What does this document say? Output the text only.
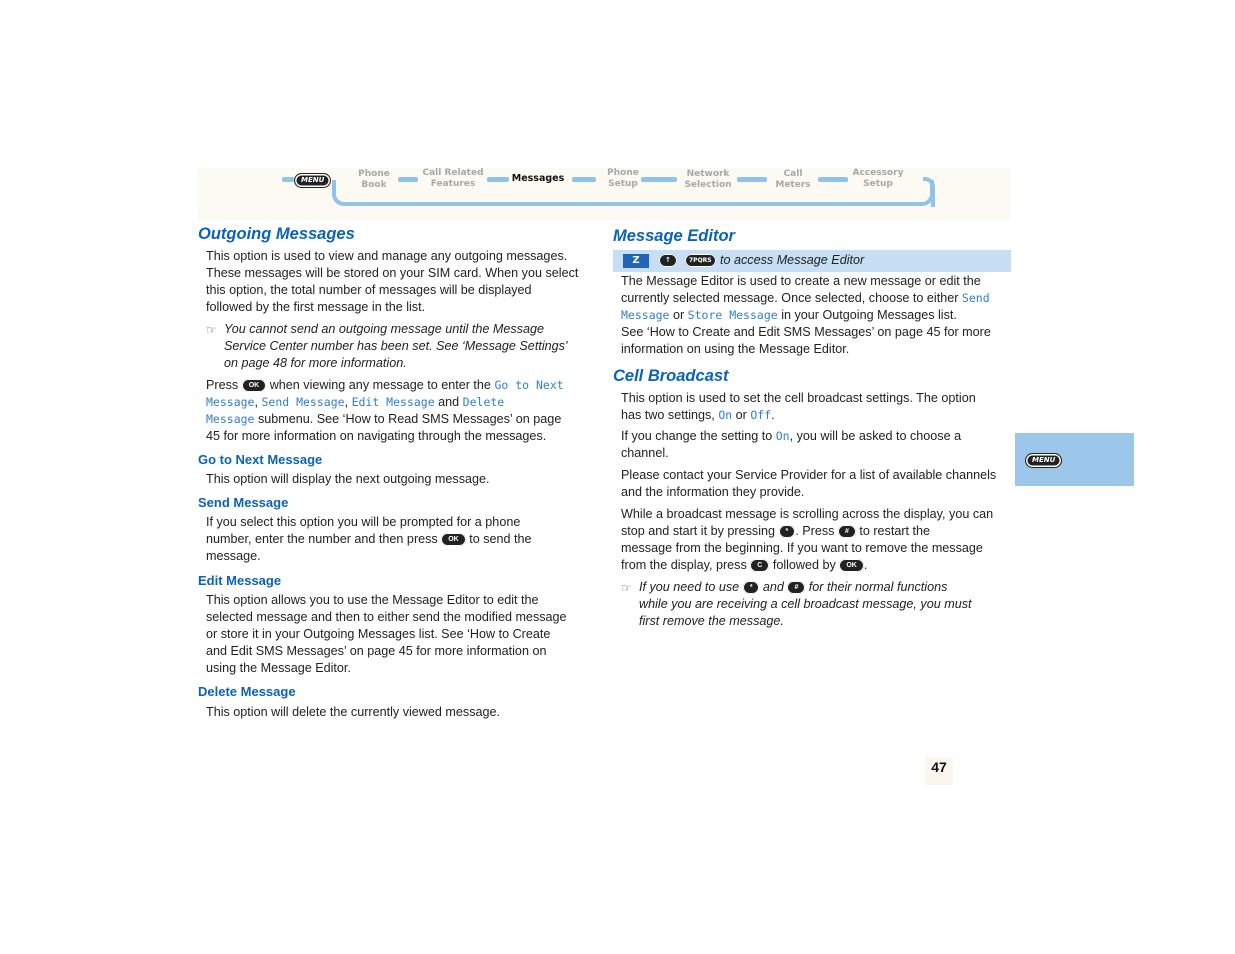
MENU
Phone
Book
Call Related
Features	Messages	Phone
Setup
Network
Selection
Call
Meters
Accessory
Setup
Outgoing Messages
This option is used to view and manage any outgoing messages.
These messages will be stored on your SIM card. When you select
this option, the total number of messages will be displayed
followed by the first message in the list.
☞ You cannot send an outgoing message until the Message
Service Center number has been set. See ‘Message Settings’
on page 48 for more information.
Press OK when viewing any message to enter the Go to Next
Message, Send Message, Edit Message and Delete
Message submenu. See ‘How to Read SMS Messages’ on page
45 for more information on navigating through the messages.
Go to Next Message
This option will display the next outgoing message.
Send Message
If you select this option you will be prompted for a phone
number, enter the number and then press OK to send the
message.
Edit Message
This option allows you to use the Message Editor to edit the
selected message and then to either send the modified message
or store it in your Outgoing Messages list. See ‘How to Create
and Edit SMS Messages’ on page 45 for more information on
using the Message Editor.
Delete Message
This option will delete the currently viewed message.
Message Editor
Z	↑	7PQRS to access Message Editor
The Message Editor is used to create a new message or edit the
currently selected message. Once selected, choose to either Send
Message or Store Message in your Outgoing Messages list.
See ‘How to Create and Edit SMS Messages’ on page 45 for more
information on using the Message Editor.
Cell Broadcast
This option is used to set the cell broadcast settings. The option
has two settings, On or Off.
If you change the setting to On, you will be asked to choose a
channel.
Please contact your Service Provider for a list of available channels
and the information they provide.
While a broadcast message is scrolling across the display, you can
stop and start it by pressing * . Press # to restart the
message from the beginning. If you want to remove the message
from the display, press C followed by OK .
☞ If you need to use * and # for their normal functions
while you are receiving a cell broadcast message, you must
first remove the message.
MENU
47
